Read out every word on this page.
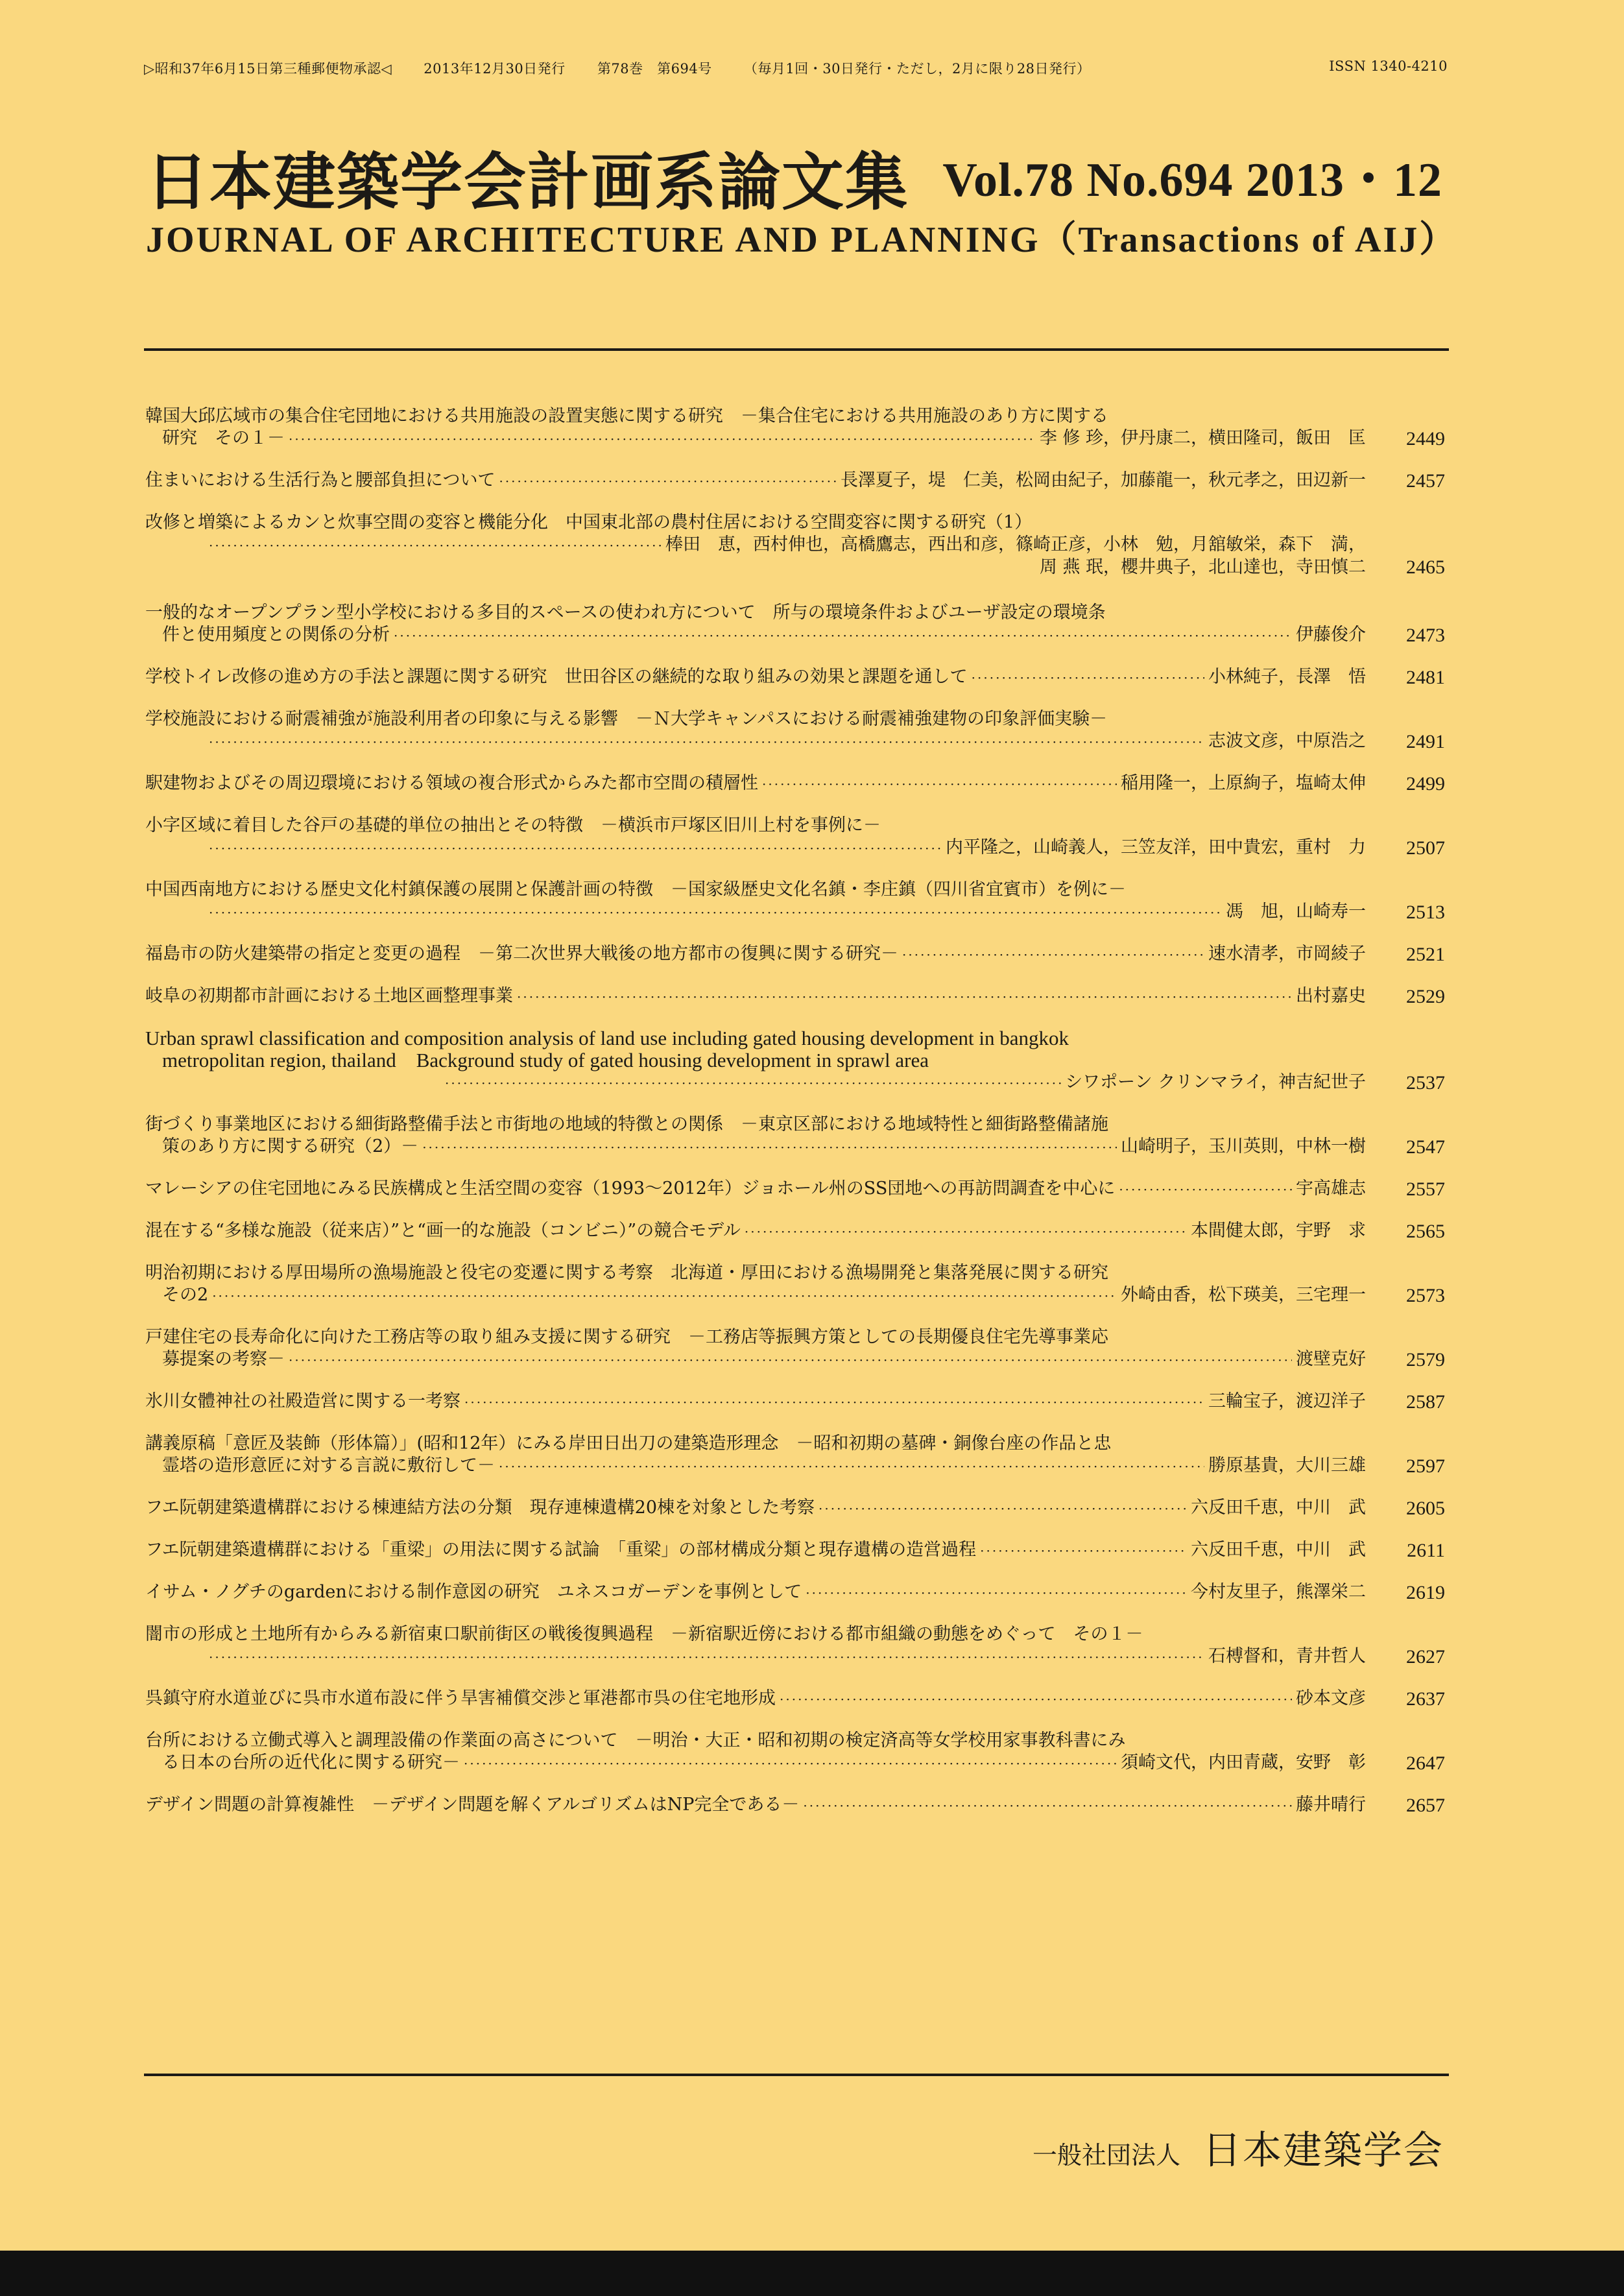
▷昭和37年6月15日第三種郵便物承認◁ 2013年12月30日発行 第78巻　第694号 （毎月1回・30日発行・ただし，2月に限り28日発行）	ISSN 1340-4210
日本建築学会計画系論文集 Vol.78 No.694 2013・12
JOURNAL OF ARCHITECTURE AND PLANNING（Transactions of AIJ）
韓国大邱広域市の集合住宅団地における共用施設の設置実態に関する研究　－集合住宅における共用施設のあり方に関する
研究　その１－ ·····	李 修 珍，伊丹康二，横田隆司，飯田　匡	2449
住まいにおける生活行為と腰部負担について ·····	長澤夏子，堤　仁美，松岡由紀子，加藤龍一，秋元孝之，田辺新一	2457
改修と増築によるカンと炊事空間の変容と機能分化　中国東北部の農村住居における空間変容に関する研究（1）
·····
棒田　恵，西村伸也，高橋鷹志，西出和彦，篠崎正彦，小林　勉，月舘敏栄，森下　満，
周 燕 珉，櫻井典子，北山達也，寺田慎二	2465
一般的なオープンプラン型小学校における多目的スペースの使われ方について　所与の環境条件およびユーザ設定の環境条
件と使用頻度との関係の分析 ·····	伊藤俊介	2473
学校トイレ改修の進め方の手法と課題に関する研究　世田谷区の継続的な取り組みの効果と課題を通して ·····	小林純子，長澤　悟	2481
学校施設における耐震補強が施設利用者の印象に与える影響　－Ｎ大学キャンパスにおける耐震補強建物の印象評価実験－
·····
志波文彦，中原浩之	2491
駅建物およびその周辺環境における領域の複合形式からみた都市空間の積層性 ·····	稲用隆一，上原絢子，塩崎太伸	2499
小字区域に着目した谷戸の基礎的単位の抽出とその特徴　－横浜市戸塚区旧川上村を事例に－
·····
内平隆之，山崎義人，三笠友洋，田中貴宏，重村　力	2507
中国西南地方における歴史文化村鎮保護の展開と保護計画の特徴　－国家級歴史文化名鎮・李庄鎮（四川省宜賓市）を例に－
·····
馮　旭，山崎寿一	2513
福島市の防火建築帯の指定と変更の過程　－第二次世界大戦後の地方都市の復興に関する研究－ ·····	速水清孝，市岡綾子	2521
岐阜の初期都市計画における土地区画整理事業 ·····	出村嘉史	2529
Urban sprawl classification and composition analysis of land use including gated housing development in bangkok
metropolitan region, thailand　Background study of gated housing development in sprawl area
·····
シワポーン クリンマライ，神吉紀世子	2537
街づくり事業地区における細街路整備手法と市街地の地域的特徴との関係　－東京区部における地域特性と細街路整備諸施
策のあり方に関する研究（2）－ ·····	山崎明子，玉川英則，中林一樹	2547
マレーシアの住宅団地にみる民族構成と生活空間の変容（1993～2012年）ジョホール州のSS団地への再訪問調査を中心に ·····	宇高雄志	2557
混在する“多様な施設（従来店）”と“画一的な施設（コンビニ）”の競合モデル ·····	本間健太郎，宇野　求	2565
明治初期における厚田場所の漁場施設と役宅の変遷に関する考察　北海道・厚田における漁場開発と集落発展に関する研究
その2 ·····	外崎由香，松下瑛美，三宅理一	2573
戸建住宅の長寿命化に向けた工務店等の取り組み支援に関する研究　－工務店等振興方策としての長期優良住宅先導事業応
募提案の考察－ ·····	渡壁克好	2579
氷川女體神社の社殿造営に関する一考察 ·····	三輪宝子，渡辺洋子	2587
講義原稿「意匠及装飾（形体篇）」(昭和12年）にみる岸田日出刀の建築造形理念　－昭和初期の墓碑・銅像台座の作品と忠
霊塔の造形意匠に対する言説に敷衍して－ ·····	勝原基貴，大川三雄	2597
フエ阮朝建築遺構群における棟連結方法の分類　現存連棟遺構20棟を対象とした考察 ·····	六反田千恵，中川　武	2605
フエ阮朝建築遺構群における「重梁」の用法に関する試論　「重梁」の部材構成分類と現存遺構の造営過程 ·····	六反田千恵，中川　武	2611
イサム・ノグチのgardenにおける制作意図の研究　ユネスコガーデンを事例として ·····	今村友里子，熊澤栄二	2619
闇市の形成と土地所有からみる新宿東口駅前街区の戦後復興過程　－新宿駅近傍における都市組織の動態をめぐって　その１－
·····
石榑督和，青井哲人	2627
呉鎮守府水道並びに呉市水道布設に伴う旱害補償交渉と軍港都市呉の住宅地形成 ·····	砂本文彦	2637
台所における立働式導入と調理設備の作業面の高さについて　－明治・大正・昭和初期の検定済高等女学校用家事教科書にみ
る日本の台所の近代化に関する研究－ ·····	須崎文代，内田青蔵，安野　彰	2647
デザイン問題の計算複雑性　－デザイン問題を解くアルゴリズムはNP完全である－ ·····	藤井晴行	2657
一般社団法人 日本建築学会
